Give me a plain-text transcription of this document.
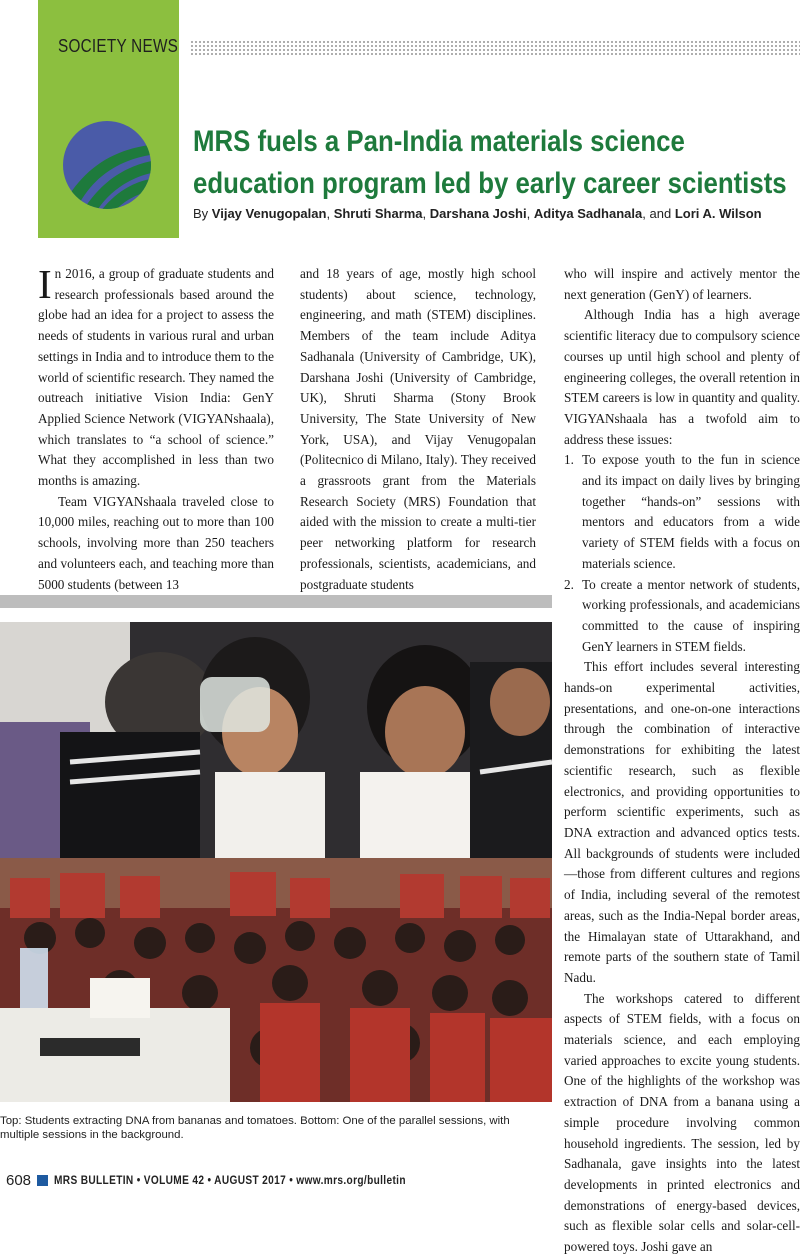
SOCIETY NEWS
MRS fuels a Pan-India materials science
education program led by early career scientists
By Vijay Venugopalan, Shruti Sharma, Darshana Joshi, Aditya Sadhanala, and Lori A. Wilson

In 2016, a group of graduate students and research professionals based around the globe had an idea for a project to assess the needs of students in various rural and urban settings in India and to introduce them to the world of scientific research. They named the outreach initiative Vision India: GenY Applied Science Network (VIGYANshaala), which translates to “a school of science.” What they accomplished in less than two months is amazing.

Team VIGYANshaala traveled close to 10,000 miles, reaching out to more than 100 schools, involving more than 250 teachers and volunteers each, and teaching more than 5000 students (between 13

and 18 years of age, mostly high school students) about science, technology, engineering, and math (STEM) disciplines. Members of the team include Aditya Sadhanala (University of Cambridge, UK), Darshana Joshi (University of Cambridge, UK), Shruti Sharma (Stony Brook University, The State University of New York, USA), and Vijay Venugopalan (Politecnico di Milano, Italy). They received a grassroots grant from the Materials Research Society (MRS) Foundation that aided with the mission to create a multi-tier peer networking platform for research professionals, scientists, academicians, and postgraduate students

who will inspire and actively mentor the next generation (GenY) of learners.

Although India has a high average scientific literacy due to compulsory science courses up until high school and plenty of engineering colleges, the overall retention in STEM careers is low in quantity and quality. VIGYANshaala has a twofold aim to address these issues:

1. To expose youth to the fun in science and its impact on daily lives by bringing together “hands-on” sessions with mentors and educators from a wide variety of STEM fields with a focus on materials science.
2. To create a mentor network of students, working professionals, and academicians committed to the cause of inspiring GenY learners in STEM fields.

This effort includes several interesting hands-on experimental activities, presentations, and one-on-one interactions through the combination of interactive demonstrations for exhibiting the latest scientific research, such as flexible electronics, and providing opportunities to perform scientific experiments, such as DNA extraction and advanced optics tests. All backgrounds of students were included—those from different cultures and regions of India, including several of the remotest areas, such as the India-Nepal border areas, the Himalayan state of Uttarakhand, and remote parts of the southern state of Tamil Nadu.

The workshops catered to different aspects of STEM fields, with a focus on materials science, and each employing varied approaches to excite young students. One of the highlights of the workshop was extraction of DNA from a banana using a simple procedure involving common household ingredients. The session, led by Sadhanala, gave insights into the latest developments in printed electronics and demonstrations of energy-based devices, such as flexible solar cells and solar-cell-powered toys. Joshi gave an

Top: Students extracting DNA from bananas and tomatoes. Bottom: One of the parallel sessions, with multiple sessions in the background.
608 MRS BULLETIN • VOLUME 42 • AUGUST 2017 • www.mrs.org/bulletin
